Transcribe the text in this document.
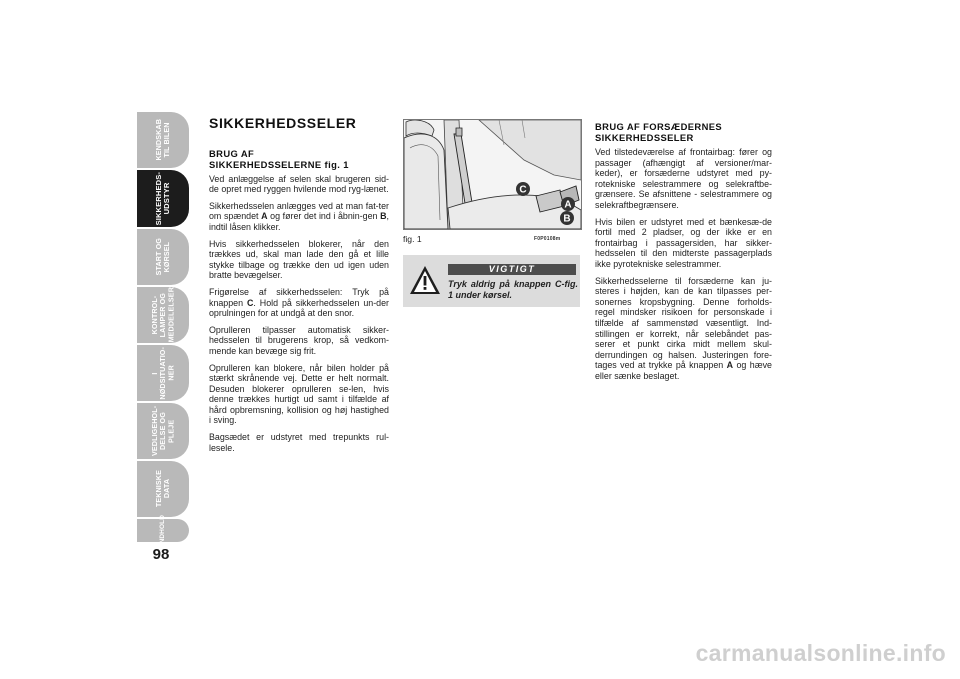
KENDSKAB
TIL BILEN
SIKKERHEDS-
UDSTYR
START OG
KØRSEL
KONTROL-
LAMPER OG
MEDDELELSER
I
NØDSITUATIO-
NER
VEDLIGEHOL-
DELSE OG PLEJE
TEKNISKE
DATA
INDHOLD
98
SIKKERHEDSSELER
BRUG AF
SIKKERHEDSSELERNE fig. 1

Ved anlæggelse af selen skal brugeren sid-de opret med ryggen hvilende mod ryg-lænet.

Sikkerhedsselen anlægges ved at man fat-ter om spændet A og fører det ind i åbnin-gen B, indtil låsen klikker.

Hvis sikkerhedsselen blokerer, når den trækkes ud, skal man lade den gå et lille stykke tilbage og trække den ud igen uden bratte bevægelser.

Frigørelse af sikkerhedsselen: Tryk på knappen C. Hold på sikkerhedsselen un-der oprulningen for at undgå at den snor.

Oprulleren tilpasser automatisk sikker-hedsselen til brugerens krop, så vedkom-mende kan bevæge sig frit.

Oprulleren kan blokere, når bilen holder på stærkt skrånende vej. Dette er helt normalt. Desuden blokerer oprulleren se-len, hvis denne trækkes hurtigt ud samt i tilfælde af hård opbremsning, kollision og høj hastighed i sving.

Bagsædet er udstyret med trepunkts rul-lesele.

C
A
B
fig. 1	F0P0108m
VIGTIGT
Tryk aldrig på knappen C-fig. 1 under kørsel.
BRUG AF FORSÆDERNES
SIKKERHEDSSELER

Ved tilstedeværelse af frontairbag: fører og passager (afhængigt af versioner/mar-keder), er forsæderne udstyret med py-rotekniske selestrammere og selekraftbe-grænsere. Se afsnittene - selestrammere og selekraftbegrænsere.

Hvis bilen er udstyret med et bænkesæ-de fortil med 2 pladser, og der ikke er en frontairbag i passagersiden, har sikker-hedsselen til den midterste passagerplads ikke pyrotekniske selestrammer.

Sikkerhedsselerne til forsæderne kan ju-steres i højden, kan de kan tilpasses per-sonernes kropsbygning. Denne forholds-regel mindsker risikoen for personskade i tilfælde af sammenstød væsentligt. Ind-stillingen er korrekt, når selebåndet pas-serer et punkt cirka midt mellem skul-derrundingen og halsen. Justeringen fore-tages ved at trykke på knappen A og hæve eller sænke beslaget.

carmanualsonline.info
